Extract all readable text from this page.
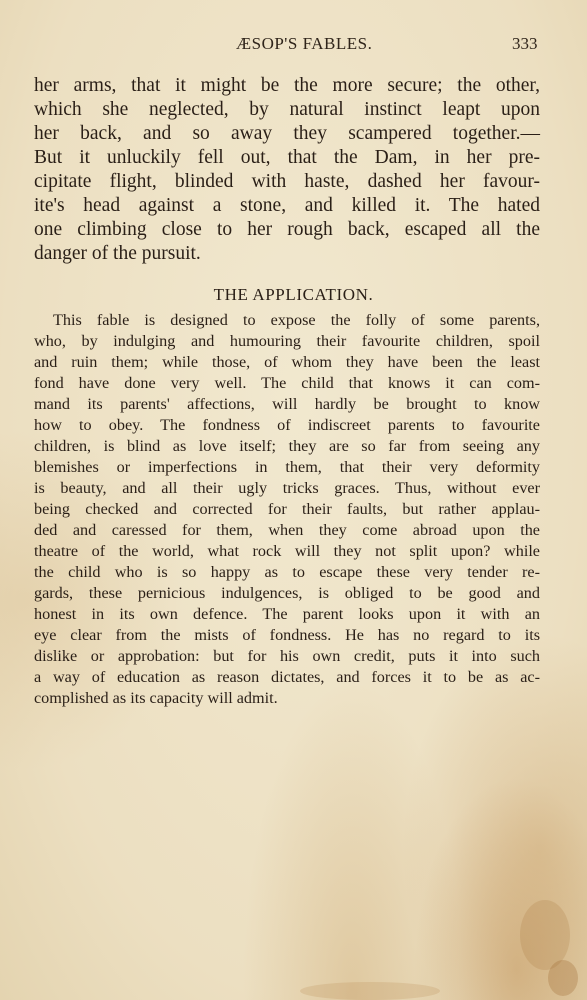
ÆSOP'S FABLES.	333
her arms, that it might be the more secure; the other,
which she neglected, by natural instinct leapt upon
her back, and so away they scampered together.—
But it unluckily fell out, that the Dam, in her pre-
cipitate flight, blinded with haste, dashed her favour-
ite's head against a stone, and killed it. The hated
one climbing close to her rough back, escaped all the
danger of the pursuit.
THE APPLICATION.
This fable is designed to expose the folly of some parents,
who, by indulging and humouring their favourite children, spoil
and ruin them; while those, of whom they have been the least
fond have done very well. The child that knows it can com-
mand its parents' affections, will hardly be brought to know
how to obey. The fondness of indiscreet parents to favourite
children, is blind as love itself; they are so far from seeing any
blemishes or imperfections in them, that their very deformity
is beauty, and all their ugly tricks graces. Thus, without ever
being checked and corrected for their faults, but rather applau-
ded and caressed for them, when they come abroad upon the
theatre of the world, what rock will they not split upon? while
the child who is so happy as to escape these very tender re-
gards, these pernicious indulgences, is obliged to be good and
honest in its own defence. The parent looks upon it with an
eye clear from the mists of fondness. He has no regard to its
dislike or approbation: but for his own credit, puts it into such
a way of education as reason dictates, and forces it to be as ac-
complished as its capacity will admit.
